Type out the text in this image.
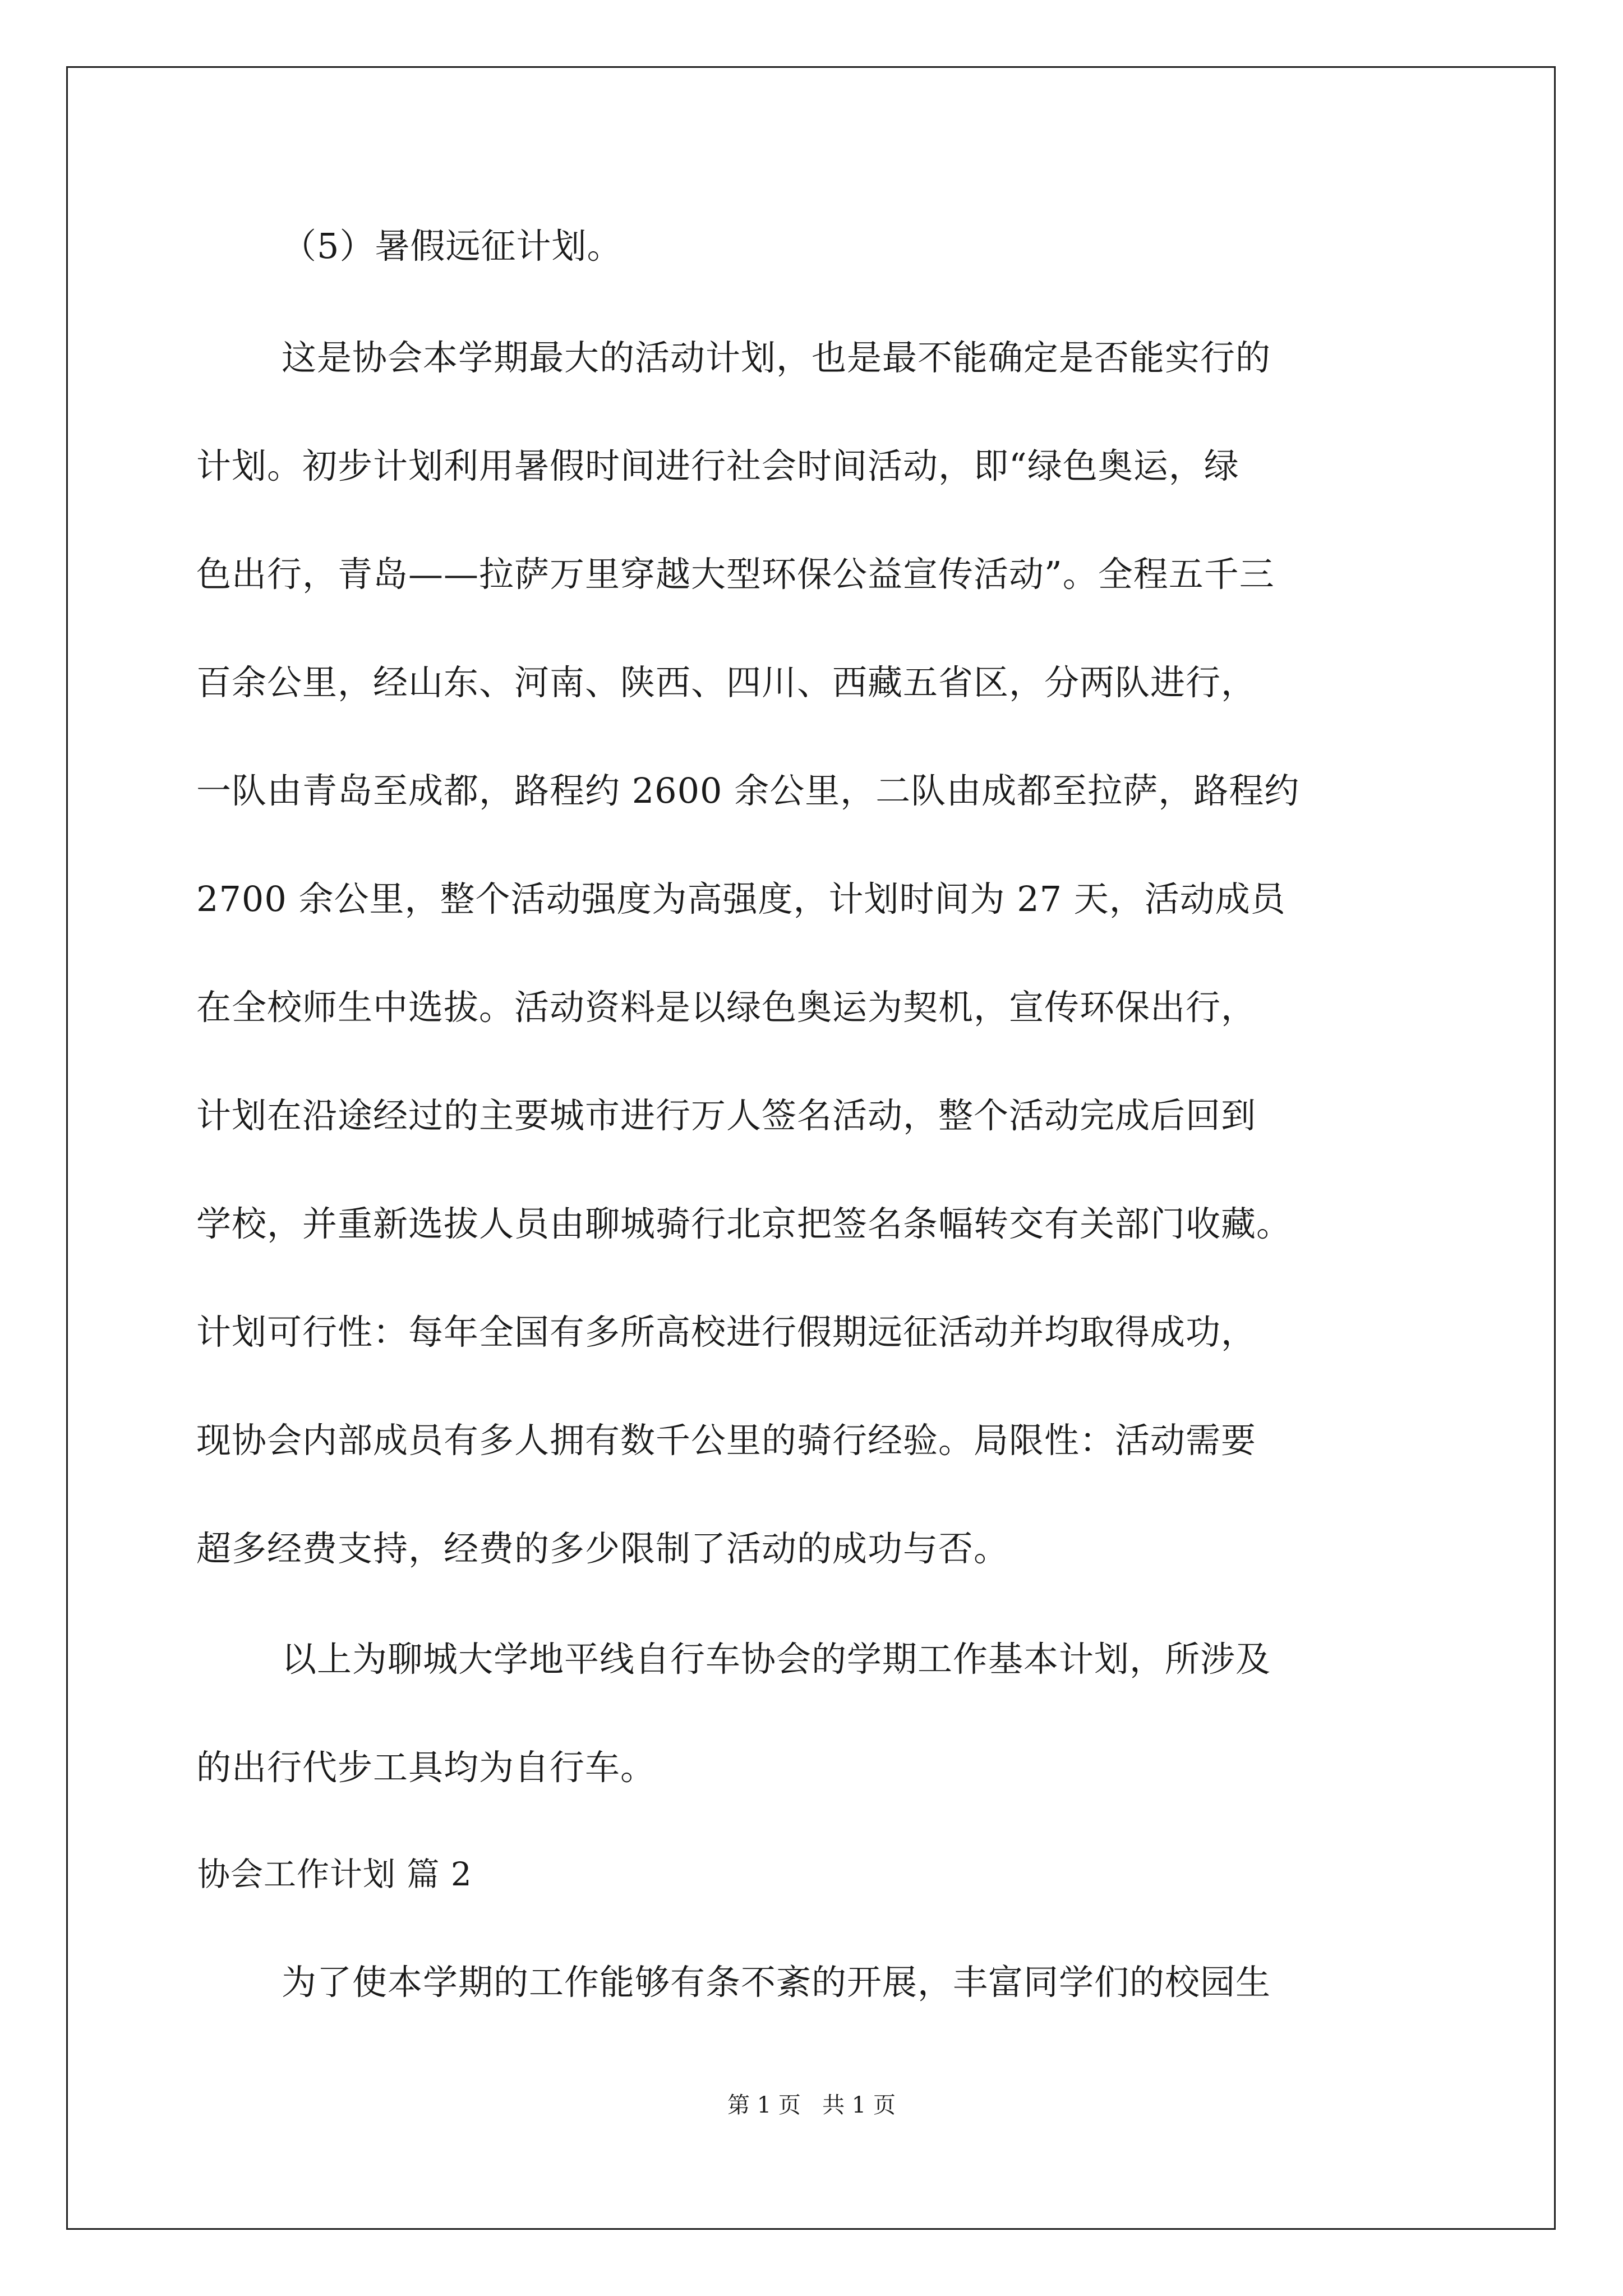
（5）暑假远征计划。
这是协会本学期最大的活动计划，也是最不能确定是否能实行的
计划。初步计划利用暑假时间进行社会时间活动，即“绿色奥运，绿
色出行，青岛——拉萨万里穿越大型环保公益宣传活动”。全程五千三
百余公里，经山东、河南、陕西、四川、西藏五省区，分两队进行，
一队由青岛至成都，路程约 2600 余公里，二队由成都至拉萨，路程约
2700 余公里，整个活动强度为高强度，计划时间为 27 天，活动成员
在全校师生中选拔。活动资料是以绿色奥运为契机，宣传环保出行，
计划在沿途经过的主要城市进行万人签名活动，整个活动完成后回到
学校，并重新选拔人员由聊城骑行北京把签名条幅转交有关部门收藏。
计划可行性：每年全国有多所高校进行假期远征活动并均取得成功，
现协会内部成员有多人拥有数千公里的骑行经验。局限性：活动需要
超多经费支持，经费的多少限制了活动的成功与否。
以上为聊城大学地平线自行车协会的学期工作基本计划，所涉及
的出行代步工具均为自行车。
协会工作计划 篇 2
为了使本学期的工作能够有条不紊的开展，丰富同学们的校园生
第 1 页   共 1 页
